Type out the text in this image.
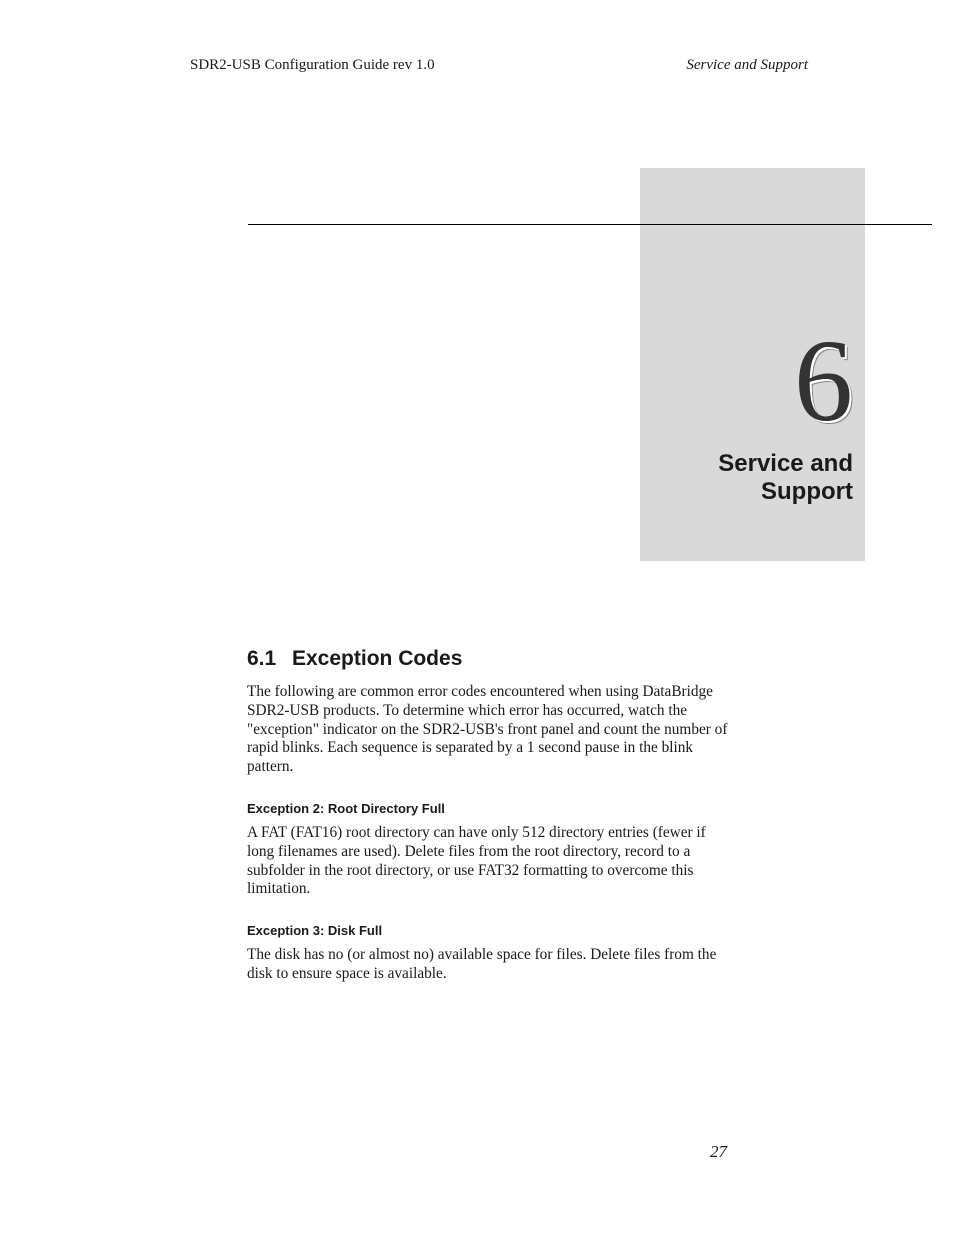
SDR2-USB Configuration Guide rev 1.0	Service and Support
6
Service and
Support
6.1 Exception Codes

The following are common error codes encountered when using DataBridge SDR2-USB products. To determine which error has occurred, watch the "exception" indicator on the SDR2-USB's front panel and count the number of rapid blinks. Each sequence is separated by a 1 second pause in the blink pattern.

Exception 2: Root Directory Full

A FAT (FAT16) root directory can have only 512 directory entries (fewer if long filenames are used). Delete files from the root directory, record to a subfolder in the root directory, or use FAT32 formatting to overcome this limitation.

Exception 3: Disk Full

The disk has no (or almost no) available space for files. Delete files from the disk to ensure space is available.

27
